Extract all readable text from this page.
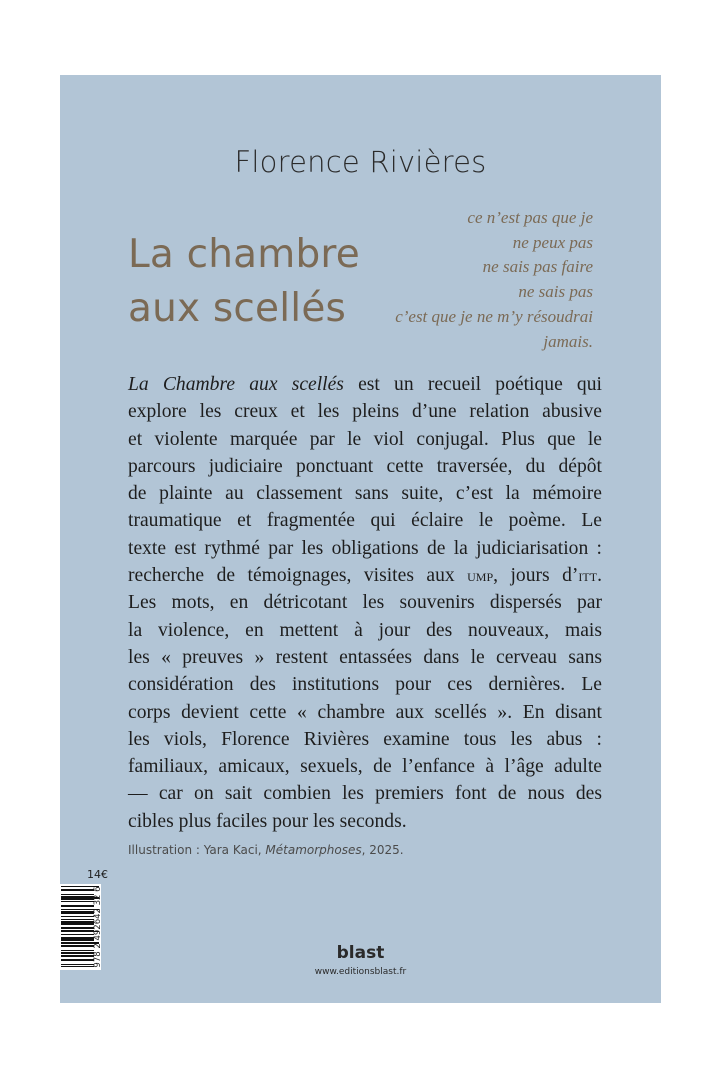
Florence Rivières
La chambre
aux scellés
ce n’est pas que je
ne peux pas
ne sais pas faire
ne sais pas
c’est que je ne m’y résoudrai
jamais.
La Chambre aux scellés est un recueil poétique qui
explore les creux et les pleins d’une relation abusive
et violente marquée par le viol conjugal. Plus que le
parcours judiciaire ponctuant cette traversée, du dépôt
de plainte au classement sans suite, c’est la mémoire
traumatique et fragmentée qui éclaire le poème. Le
texte est rythmé par les obligations de la judiciarisation :
recherche de témoignages, visites aux ump, jours d’itt.
Les mots, en détricotant les souvenirs dispersés par
la violence, en mettent à jour des nouveaux, mais
les « preuves » restent entassées dans le cerveau sans
considération des institutions pour ces dernières. Le
corps devient cette « chambre aux scellés ». En disant
les viols, Florence Rivières examine tous les abus :
familiaux, amicaux, sexuels, de l’enfance à l’âge adulte
— car on sait combien les premiers font de nous des
cibles plus faciles pour les seconds.
Illustration : Yara Kaci, Métamorphoses, 2025.
14€
978 2 492642 32 6	blast
www.editionsblast.fr
